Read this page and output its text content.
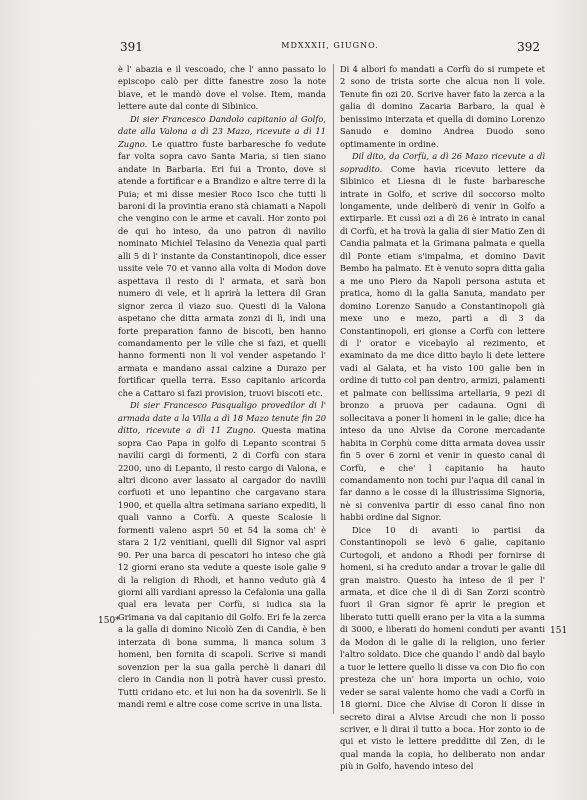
391	MDXXXII, GIUGNO.	392

è l' abazia e il vescoado, che l' anno passato lo episcopo calò per ditte fanestre zoso la note biave, et le mandò dove el volse. Item, manda lettere aute dal conte di Sibinico.

Di sier Francesco Dandolo capitanio al Golfo, date alla Valona a dì 23 Mazo, ricevute a dì 11 Zugno. Le quattro fuste barbaresche fo vedute far volta sopra cavo Santa Maria, si tien siano andate in Barbaria. Eri fui a Tronto, dove si atende a fortificar e a Brandizo e altre terre di la Puia; et mi disse mesier Roco Isco che tutti li baroni di la provintia erano stà chiamati a Napoli che vengino con le arme et cavali. Hor zonto poi de qui ho inteso, da uno patron di navilio nominato Michiel Telasino da Venezia qual partì alli 5 di l' instante da Constantinopoli, dice esser ussite vele 70 et vanno alla volta di Modon dove aspettava il resto di l' armata, et sarà bon numero di vele, et li aprirà la lettera dil Gran signor zerca il viazo suo. Questi di la Valona aspetano che ditta armata zonzi di lì, indi una forte preparation fanno de biscoti, ben hanno comandamento per le ville che si fazi, et quelli hanno formenti non li vol vender aspetando l' armata e mandano assai calzine a Durazo per fortificar quella terra. Esso capitanio aricorda che a Cattaro si fazi provision, truovi biscoti etc.

Di sier Francesco Pasqualigo provedilor di l' armada date a la Villa a dì 18 Mazo tenute fin 20 ditto, ricevute a dì 11 Zugno. Questa matina sopra Cao Papa in golfo di Lepanto scontrai 5 navilii cargi di formenti, 2 di Corfù con stara 2200, uno di Lepanto, il resto cargo di Valona, e altri dicono aver lassato al cargador do navilii corfuoti et uno lepantino che cargavano stara 1900, et quella altra setimana sariano expediti, li quali vanno a Corfù. A queste Scalosie li formenti valeno aspri 50 et 54 la soma ch' è stara 2 1/2 venitiani, quelli dil Signor val aspri 90. Per una barca di pescatori ho inteso che già 12 giorni erano sta vedute a queste isole galie 9 di la religion di Rhodi, et hanno veduto già 4 giorni alli vardiani apresso la Cefalonia una galla qual era levata per Corfù, si iudica sia la Grimana va dal capitanio dil Golfo. Eri fe la zerca a la galla di domino Nicolò Zen di Candia, è ben interzata di bona summa, li manca solum 3 homeni, ben fornita di scapoli. Scrive si mandi sovenzion per la sua galla perchè li danari dil clero in Candia non li potrà haver cussì presto. Tutti cridano etc. et lui non ha da sovenirli. Se li mandi remi e altre cose come scrive in una lista.

Di 4 albori fo mandati a Corfù do si rumpete et 2 sono de trista sorte che alcua non li vole. Tenute fin ozi 20. Scrive haver fato la zerca a la galia di domino Zacaria Barbaro, la qual è benissimo interzata et quella di domino Lorenzo Sanudo e domino Andrea Duodo sono optimamente in ordine.

Dil dito, da Corfù, a dì 26 Mazo ricevute a dì sopradito. Come havia ricevuto lettere da Sibinico et Liesna di le fuste barbaresche intrate in Golfo, et scrive dil soccorso molto longamente, unde deliberò di venir in Golfo a extirparle. Et cussì ozi a dì 26 è intrato in canal di Corfù, et ha trovà la galia di sier Matio Zen di Candia palmata et la Grimana palmata e quella dil Ponte etiam s'impalma, et domino Davit Bembo ha palmato. Et è venuto sopra ditta galia a me uno Piero da Napoli persona astuta et pratica, homo di la galia Sanuta, mandato per domino Lorenzo Sanudo a Constantinopoli già mexe uno e mezo, partì a dì 3 da Constantinopoli, eri gionse a Corfù con lettere di l' orator e vicebaylo al rezimento, et examinato da me dice ditto baylo li dete lettere vadi al Galata, et ha visto 100 galie ben in ordine di tutto col pan dentro, armizi, palamenti et palmate con bellissima artellaria, 9 pezi di bronzo a pruova per cadauna. Ogni dì sollecitava a poner li homeni in le galie; dice ha inteso da uno Alvise da Corone mercadante habita in Corphù come ditta armata dovea ussir fin 5 over 6 zorni et venir in questo canal di Corfù, e che' l capitanio ha hauto comandamento non tochi pur l'aqua dil canal in far danno a le cosse di la illustrissima Signoria, nè si conveniva partir di esso canal fino non habbi ordine dal Signor.

Dice 10 di avanti io partisi da Constantinopoli se levò 6 galie, capitanio Curtogoli, et andono a Rhodi per fornirse di homeni, si ha creduto andar a trovar le galie dil gran maistro. Questo ha inteso de il per l' armata, et dice che il dì di San Zorzi scontrò fuori il Gran signor fè aprir le pregion et liberato tutti quelli erano per la vita a la summa di 3000, e liberati do homeni conduti per avanti da Modon di le galie di la religion, uno ferier l'altro soldato. Dice che quando l' andò dal baylo a tuor le lettere quello li disse va con Dio fio con presteza che un' hora importa un ochio, voio veder se sarai valente homo che vadi a Corfù in 18 giorni. Dice che Alvise di Coron li disse in secreto dirai a Alvise Arcudi che non li posso scriver, e li dirai il tutto a boca. Hor zonto io de qui et visto le lettere predditte dil Zen, di le qual manda la copia, ho deliberato non andar più in Golfo, havendo inteso del

150*
151
